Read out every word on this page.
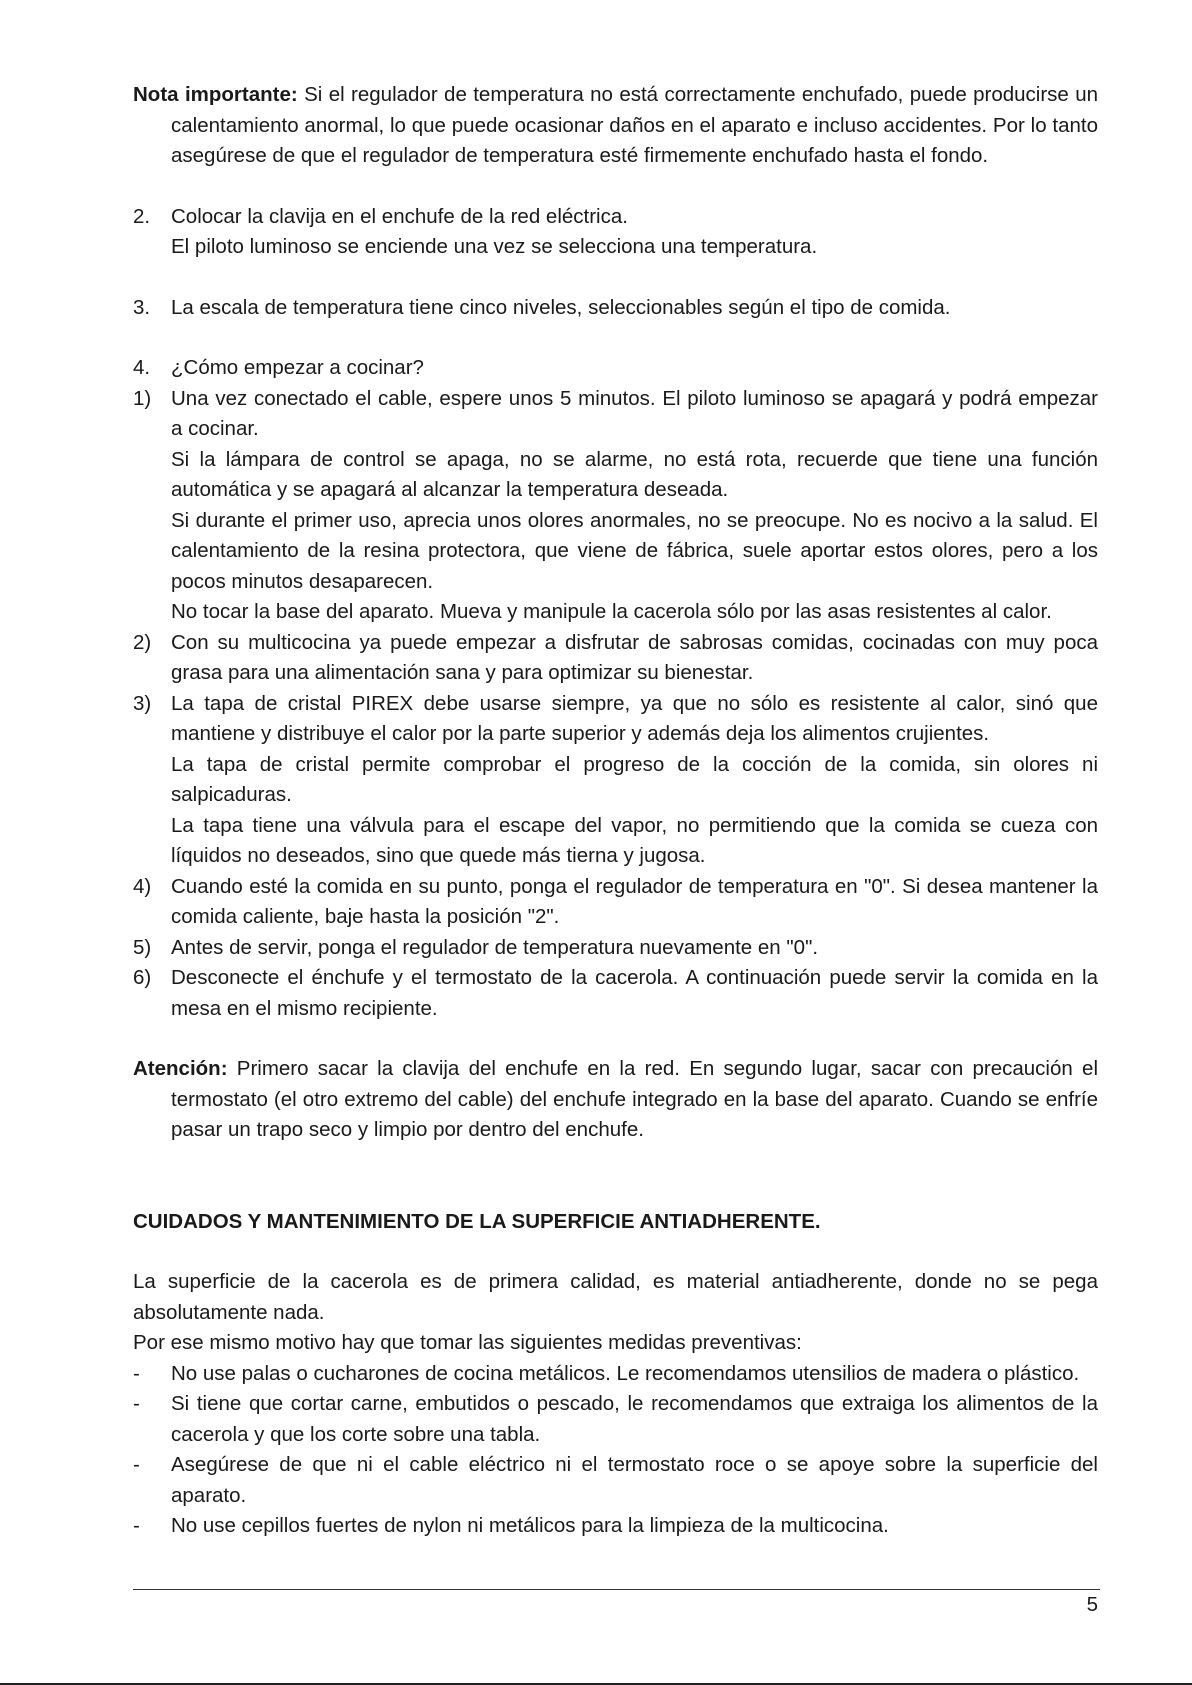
Nota importante: Si el regulador de temperatura no está correctamente enchufado, puede producirse un calentamiento anormal, lo que puede ocasionar daños en el aparato e incluso accidentes. Por lo tanto asegúrese de que el regulador de temperatura esté firmemente enchufado hasta el fondo.

2.	Colocar la clavija en el enchufe de la red eléctrica.

El piloto luminoso se enciende una vez se selecciona una temperatura.

3.	La escala de temperatura tiene cinco niveles, seleccionables según el tipo de comida.

4.	¿Cómo empezar a cocinar?

1) Una vez conectado el cable, espere unos 5 minutos. El piloto luminoso se apagará y podrá empezar a cocinar.

Si la lámpara de control se apaga, no se alarme, no está rota, recuerde que tiene una función automática y se apagará al alcanzar la temperatura deseada.

Si durante el primer uso, aprecia unos olores anormales, no se preocupe. No es nocivo a la salud. El calentamiento de la resina protectora, que viene de fábrica, suele aportar estos olores, pero a los pocos minutos desaparecen.

No tocar la base del aparato. Mueva y manipule la cacerola sólo por las asas resistentes al calor.

2) Con su multicocina ya puede empezar a disfrutar de sabrosas comidas, cocinadas con muy poca grasa para una alimentación sana y para optimizar su bienestar.

3) La tapa de cristal PIREX debe usarse siempre, ya que no sólo es resistente al calor, sinó que mantiene y distribuye el calor por la parte superior y además deja los alimentos crujientes.

La tapa de cristal permite comprobar el progreso de la cocción de la comida, sin olores ni salpicaduras.

La tapa tiene una válvula para el escape del vapor, no permitiendo que la comida se cueza con líquidos no deseados, sino que quede más tierna y jugosa.

4) Cuando esté la comida en su punto, ponga el regulador de temperatura en "0". Si desea mantener la comida caliente, baje hasta la posición "2".

5) Antes de servir, ponga el regulador de temperatura nuevamente en "0".

6) Desconecte el énchufe y el termostato de la cacerola. A continuación puede servir la comida en la mesa en el mismo recipiente.

Atención: Primero sacar la clavija del enchufe en la red. En segundo lugar, sacar con precaución el termostato (el otro extremo del cable) del enchufe integrado en la base del aparato. Cuando se enfríe pasar un trapo seco y limpio por dentro del enchufe.

CUIDADOS Y MANTENIMIENTO DE LA SUPERFICIE ANTIADHERENTE.

La superficie de la cacerola es de primera calidad, es material antiadherente, donde no se pega absolutamente nada.

Por ese mismo motivo hay que tomar las siguientes medidas preventivas:

-	No use palas o cucharones de cocina metálicos. Le recomendamos utensilios de madera o plástico.

-	Si tiene que cortar carne, embutidos o pescado, le recomendamos que extraiga los alimentos de la cacerola y que los corte sobre una tabla.

-	Asegúrese de que ni el cable eléctrico ni el termostato roce o se apoye sobre la superficie del aparato.

-	No use cepillos fuertes de nylon ni metálicos para la limpieza de la multicocina.

5
